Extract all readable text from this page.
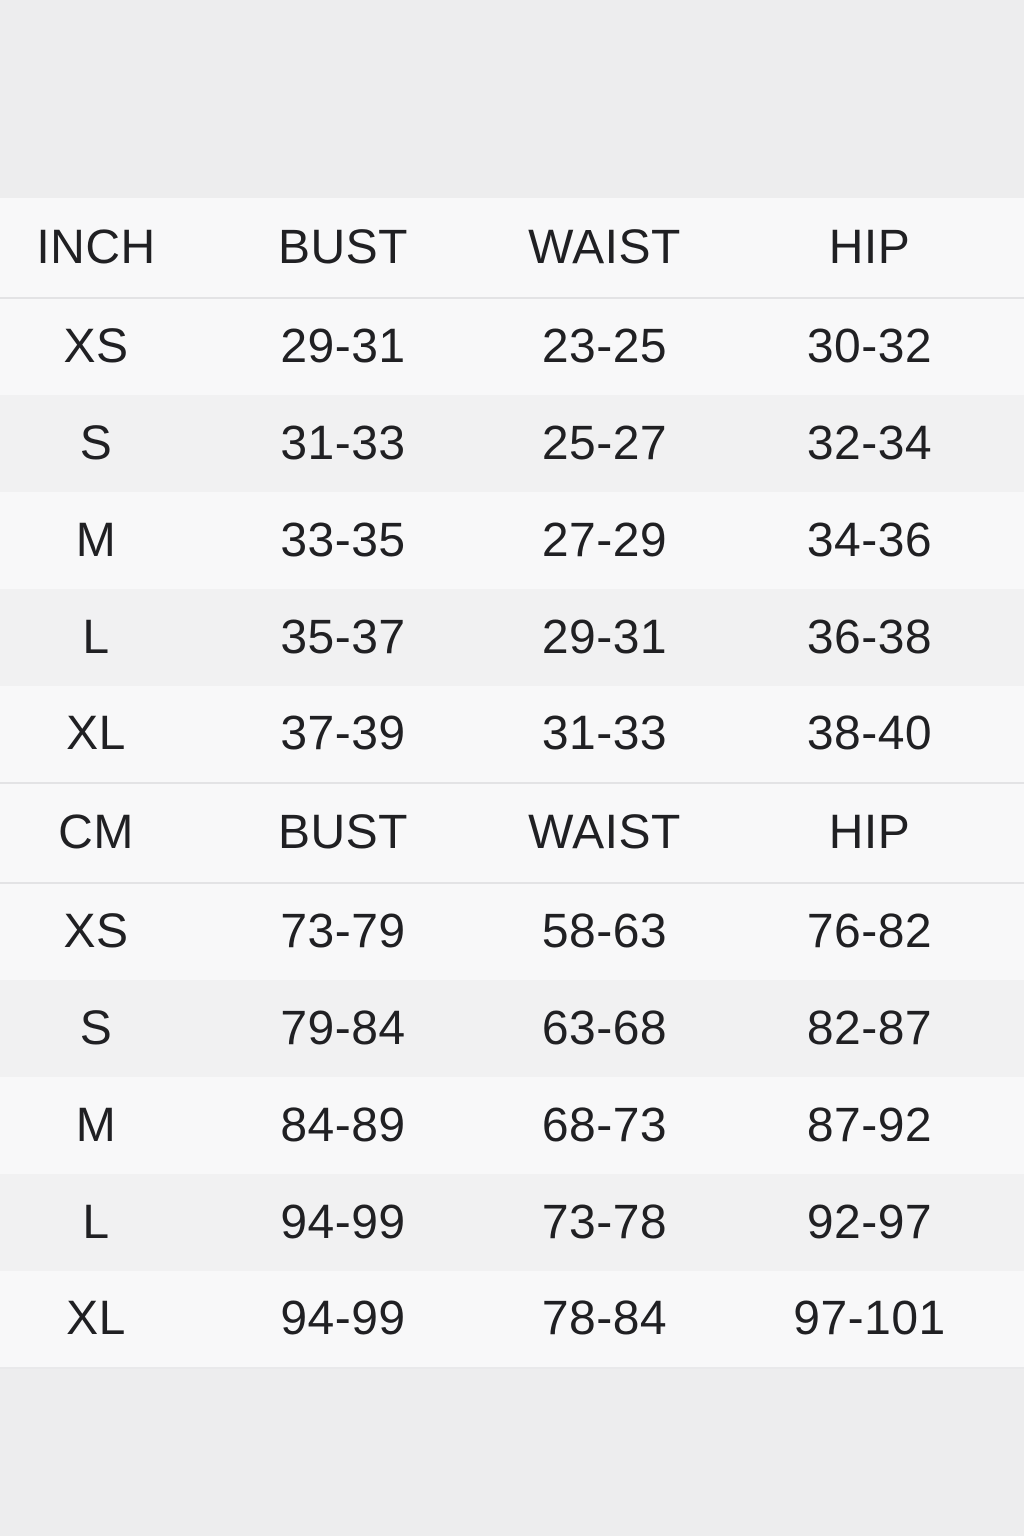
INCH	BUST	WAIST	HIP
XS	29-31	23-25	30-32
S	31-33	25-27	32-34
M	33-35	27-29	34-36
L	35-37	29-31	36-38
XL	37-39	31-33	38-40
CM	BUST	WAIST	HIP
XS	73-79	58-63	76-82
S	79-84	63-68	82-87
M	84-89	68-73	87-92
L	94-99	73-78	92-97
XL	94-99	78-84	97-101
